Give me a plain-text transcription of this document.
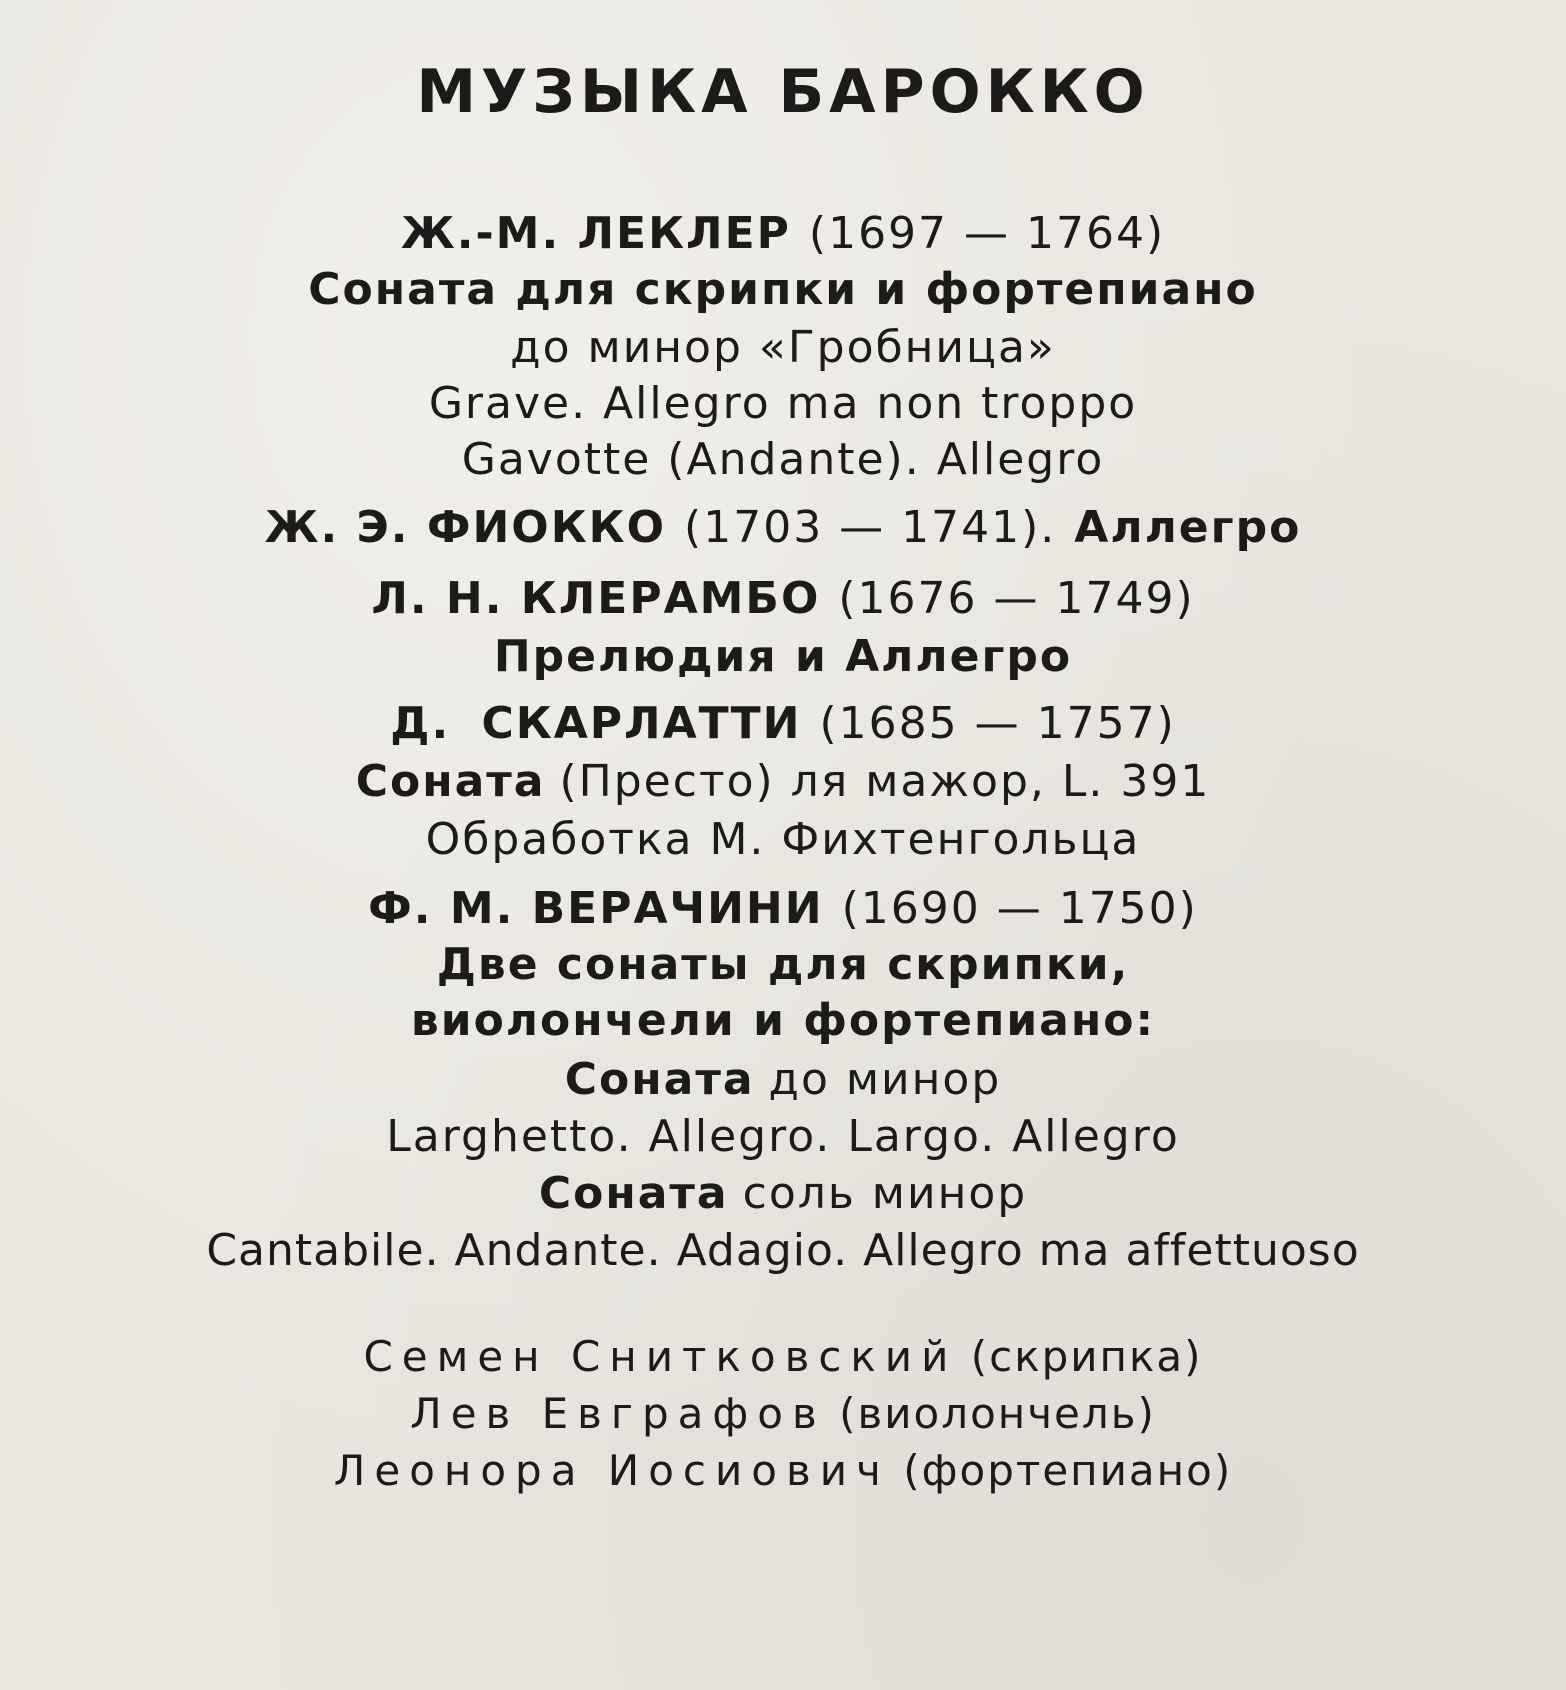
МУЗЫКА БАРОККО
Ж.-М. ЛЕКЛЕР (1697 — 1764)
Соната для скрипки и фортепиано
до минор «Гробница»
Grave. Allegro ma non troppo
Gavotte (Andante). Allegro
Ж. Э. ФИОККО (1703 — 1741). Аллегро
Л. Н. КЛЕРАМБО (1676 — 1749)
Прелюдия и Аллегро
Д. СКАРЛАТТИ (1685 — 1757)
Соната (Престо) ля мажор, L. 391
Обработка М. Фихтенгольца
Ф. М. ВЕРАЧИНИ (1690 — 1750)
Две сонаты для скрипки,
виолончели и фортепиано:
Соната до минор
Larghetto. Allegro. Largo. Allegro
Соната соль минор
Cantabile. Andante. Adagio. Allegro ma affettuoso
Семен Снитковский (скрипка)
Лев Евграфов (виолончель)
Леонора Иосиович (фортепиано)
